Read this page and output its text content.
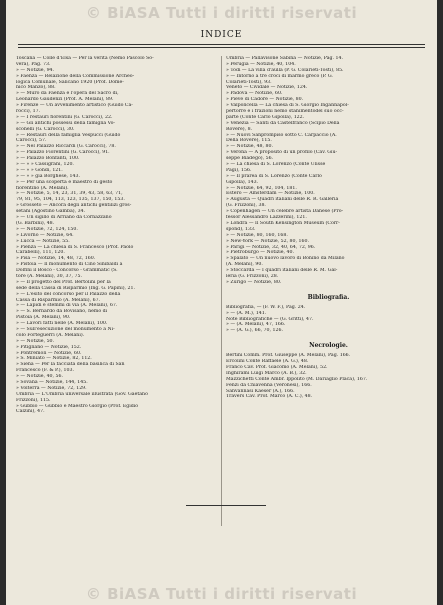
© BiASA Tutti i diritti riservati
INDICE
Toscana — Colle d'Elsa — Per la verità (Nemo Pascolo So-
vera), Pag. 73.
» — Notizie, 94.
» Faenza — Relazione della Commissione Archeo-
logica Comunale, Salicano 1920 (Prof. Dome-
nico Manzo), 88.
» — Muro da Faenza e l'opera del Sacro di,
Leonardo Gaudenzi (Prof. A. Melani), 89.
» Firenze — Un avvenimento artistico (Guido Ca-
rocci), 17.
» — I restauri fiorentini (G. Carocci), 22.
» — Gli antichi possessi della famiglia Vo-
sconelli (G. Carocci), 30.
» — Restauri della famiglia Vespucci (Guido
Carocci), 57.
» — Nel Palazzo Riccardi (G. Carocci), 78.
» — Palazzo Fiorentini (G. Carocci), 91.
» — Palazzo Bonfanti, 100.
» — » » Cassigrani, 120.
» — » » Gondi, 121.
» — » » già Borghese, 143.
» — Per una scoperta e maestro di gesto
fiorentino (A. Melani).
» — Notizie, 5, 14, 23, 31, 39, 43, 58, 63, 71,
79, 81, 95, 104, 113, 123, 135, 137, 150, 153.
» Grosseto — Ancora degli antichi gentilizi gros-
setani (Agostino Gamba), 34.
» — Un sigillo di Arriano da Cornazzano
(G. Barbini), 48.
» — Notizie, 72, 124, 150.
» Livorno — Notizie, 64.
» Lucca — Notizie, 55.
» Pienza — La chiesa di S. Francesco (Prof. Paolo
Carabelli), 111, 120.
» Pisa — Notizie, 14, 48, 72, 160.
» Pistoia — Il monumento di Cino Sinibaldi a
Dolfini il Bosco - Concorso - Grammatic (S.
tore (A. Melani), 30, 37, 75.
» — Il progetto del Prof. Bertolini per la
sede della Cassa di Risparmio (Ing. G. Papini), 21.
» — L'esito del concorso per il Palazzo della
Cassa di Risparmio (A. Melani), 67.
» — Lapidi e stemmi di via (A. Melani), 67.
» — S. Bernardo da Bovisano, nemo di
Pistoia (A. Melani), 90.
» — Lavori fatti nelle (A. Melani), 100.
» — Sull'esecuzione del monumento a Ni-
colò Forteguerri (A. Melani).
» — Notizie, 50.
» Pitigliano — Notizie, 152.
» Pontremoli — Notizie, 60.
» S. Miniato — Notizie, 82, 112.
» Siena — Per la facciata della basilica di San
Francesco (F. & P.), 103.
» — Notizie, 40, 56.
» Sovana — Notizie, 144, 145.
» Volterra — Notizie, 72, 129.
Umbria — L'Umbria universale illustrata (Gov. Gaetano
Frizzoni), 115.
» Gubbio — Gubbio e Maestro Giorgio (Prof. Egidio
Calzini), 47.
Umbria — Pallavisone Sabina — Notizie, Pag. 14.
» Perugia — Notizie, 40, 104.
» Todi — La villa d'aulla (P. G. Colarieti-Tosti), 85.
» — Intorno a tre croci di marmo greco (P. G.
Colarieti-Tosti), 93.
Veneto — Cividale — Notizie, 124.
» Padova — Notizie, 60.
» Pieve di Cadore — Notizie, 80.
» Valpolicella — La chiesa di S. Giorgio Ingannapol-
pertorre e i frazioni nemo stanimentodel suo occ-
parte (Conte Carlo Gipolla), 122.
» Venezia — Santi da Castelfranco (Scipio Della
Rovere), 8.
» — Nuovi Sanprompiso sotto C. Carpaccio (A.
Della Rovere), 115.
» — Notizie, 48, 80.
» Verona — A proposito di un profilo (Cav. Giu-
seppe Biadego), 56.
» — La chiesa di S. Lorenzo (Conte Ulisse
Pagi), 156.
» — Il prarea di S. Lorenzo (Conte Carlo
Gipolla), 143.
» — Notizie, 64, 92, 104, 181.
Estero — Amsterdam — Notizie, 100.
» Augusta — Quadri italiani delle R. R. Galleria
(G. Frizzoni), 38.
» Copenhagen — Un celebre artista Danese (Pro-
fessor Alessandro Lazzerini), 121.
» Londra — Il South Kensington Museum (Corr-
spond), 133.
» — Notizie, 80, 160, 168.
» New-York — Notizie, 52, 80, 160.
» Parigi — Notizie, 32, 40, 64, 72, 96.
» Pietroburgo — Notizie, 40.
» Spalato — Un nuovo lavoro di Bonino da Milano
(A. Melani), 90.
» Stoccarda — I quadri italiani delle R. M. Gal-
leria (G. Frizzoni), 28.
» Zurigo — Notizie, 80.
Bibliografia.
Bibliografia, — (F. W. F.), Pag. 24.
» — (A. M.), 141.
Note Bibliografiche — (G. Gritti), 47.
» — (A. Melani), 47, 166.
» — (A. G.), 66, 70, 126.
Necrologie.
Bertini Comm. Prof. Giuseppe (A. Melani), Pag. 166.
Ercolini Conte Raffaele (A. G.), 48.
Franco Cav. Prof. Giacomo (A. Melani), 52.
Inghirami Luigi Marco (A. B.), 32.
Mazzichetti Conte Ambr. Ippolito (M. Dariaglio Placa), 167.
Fenzi da Chiavenna (Veronesi), 166.
Sanvannasi Kaeser (A.), 166.
Travers Cav. Prof. Marco (A. C.), 48.
© BiASA Tutti i diritti riservati
